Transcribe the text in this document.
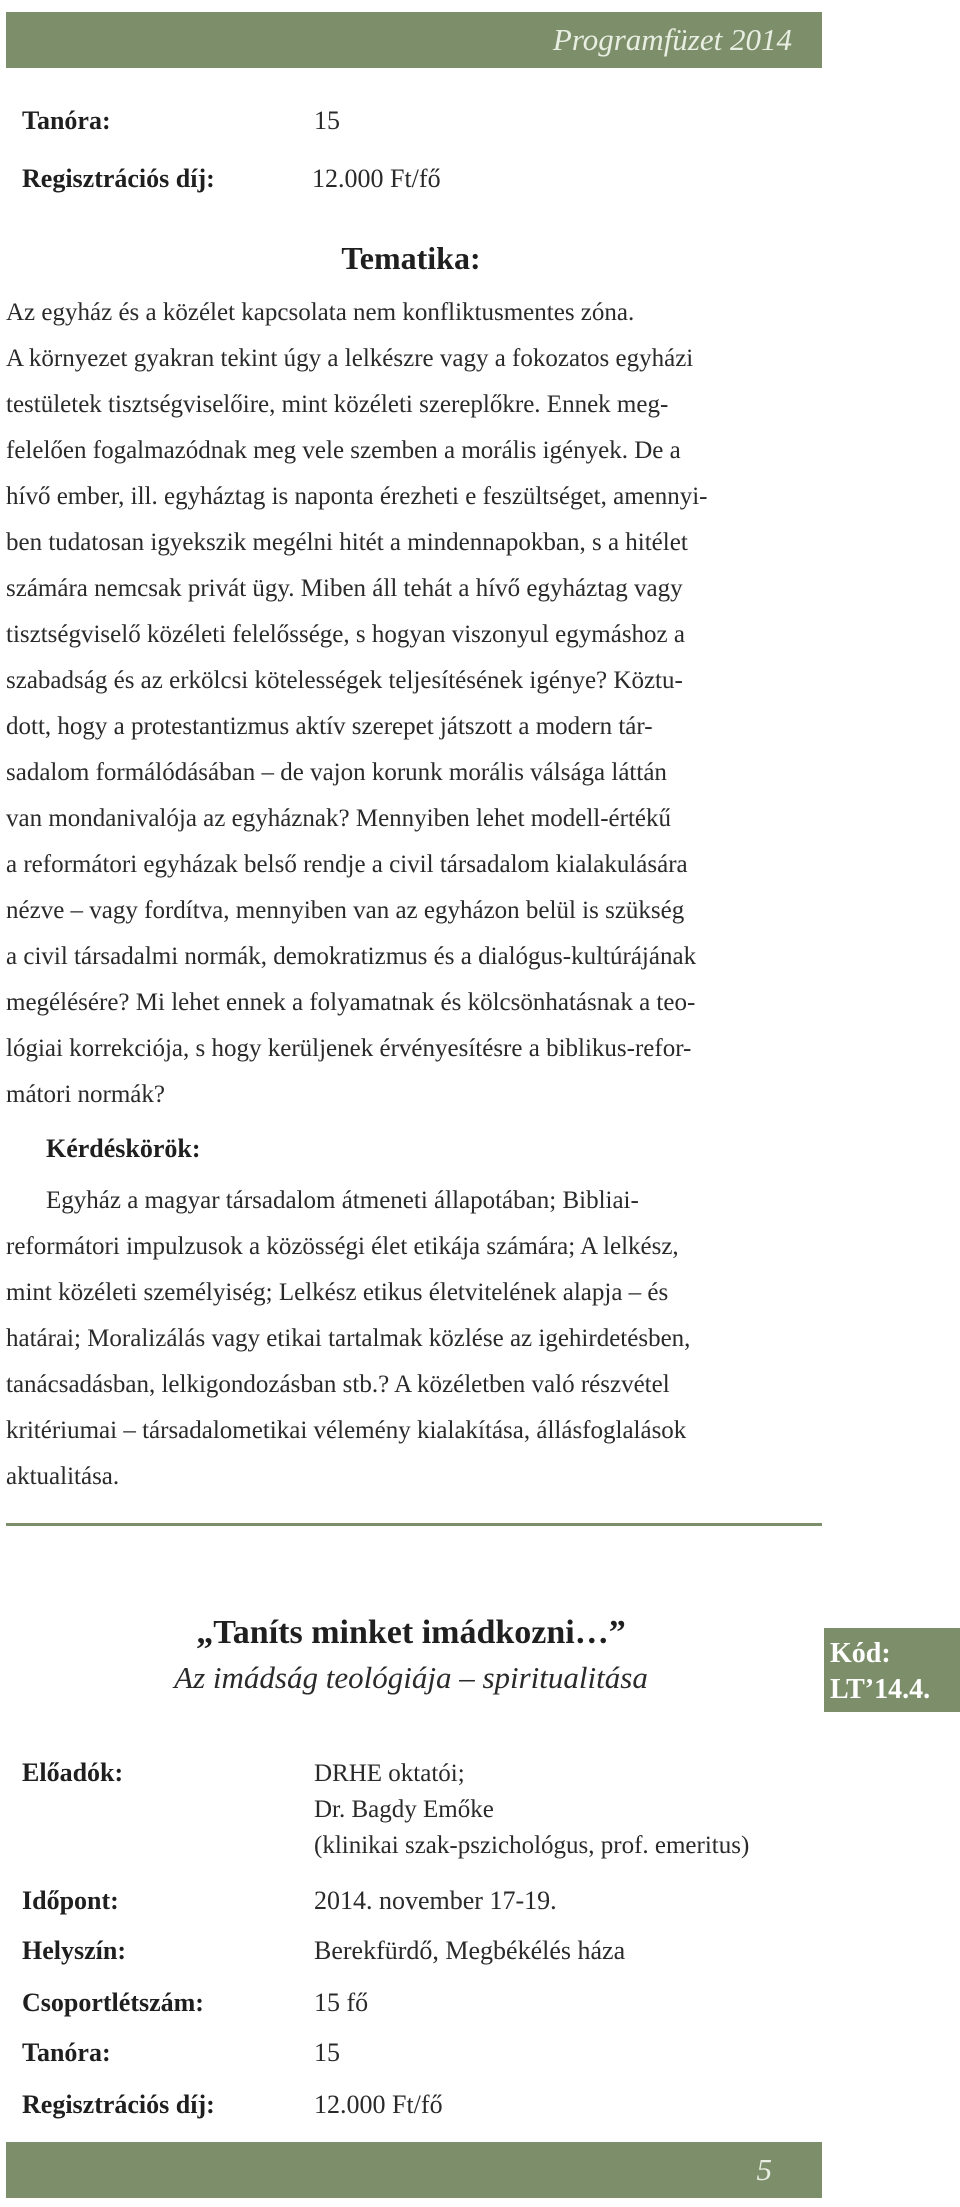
Programfüzet 2014
Tanóra:	15
Regisztrációs díj:	12.000 Ft/fő
Tematika:
Az egyház és a közélet kapcsolata nem konfliktusmentes zóna.
A környezet gyakran tekint úgy a lelkészre vagy a fokozatos egyházi
testületek tisztségviselőire, mint közéleti szereplőkre. Ennek meg-
felelően fogalmazódnak meg vele szemben a morális igények. De a
hívő ember, ill. egyháztag is naponta érezheti e feszültséget, amennyi-
ben tudatosan igyekszik megélni hitét a mindennapokban, s a hitélet
számára nemcsak privát ügy. Miben áll tehát a hívő egyháztag vagy
tisztségviselő közéleti felelőssége, s hogyan viszonyul egymáshoz a
szabadság és az erkölcsi kötelességek teljesítésének igénye? Köztu-
dott, hogy a protestantizmus aktív szerepet játszott a modern tár-
sadalom formálódásában – de vajon korunk morális válsága láttán
van mondanivalója az egyháznak? Mennyiben lehet modell-értékű
a reformátori egyházak belső rendje a civil társadalom kialakulására
nézve – vagy fordítva, mennyiben van az egyházon belül is szükség
a civil társadalmi normák, demokratizmus és a dialógus-kultúrájának
megélésére? Mi lehet ennek a folyamatnak és kölcsönhatásnak a teo-
lógiai korrekciója, s hogy kerüljenek érvényesítésre a biblikus-refor-
mátori normák?
Kérdéskörök:
Egyház a magyar társadalom átmeneti állapotában; Bibliai-
reformátori impulzusok a közösségi élet etikája számára; A lelkész,
mint közéleti személyiség; Lelkész etikus életvitelének alapja – és
határai; Moralizálás vagy etikai tartalmak közlése az igehirdetésben,
tanácsadásban, lelkigondozásban stb.? A közéletben való részvétel
kritériumai – társadalometikai vélemény kialakítása, állásfoglalások
aktualitása.
„Taníts minket imádkozni…”
Az imádság teológiája – spiritualitása
Kód:
LT’14.4.
Előadók:	DRHE oktatói;
Dr. Bagdy Emőke
(klinikai szak-pszichológus, prof. emeritus)
Időpont:	2014. november 17-19.
Helyszín:	Berekfürdő, Megbékélés háza
Csoportlétszám:	15 fő
Tanóra:	15
Regisztrációs díj:	12.000 Ft/fő
5
